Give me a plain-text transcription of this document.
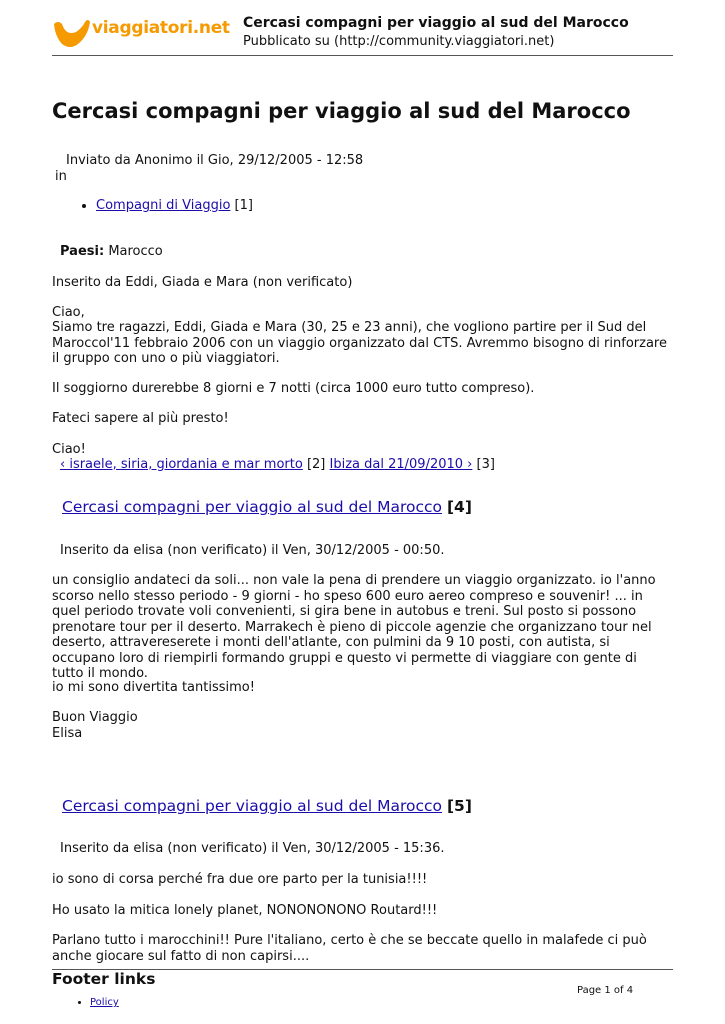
viaggiatori.net Cercasi compagni per viaggio al sud del Marocco
Pubblicato su (http://community.viaggiatori.net)
Cercasi compagni per viaggio al sud del Marocco
Inviato da Anonimo il Gio, 29/12/2005 - 12:58
in
• Compagni di Viaggio [1]
Paesi: Marocco

Inserito da Eddi, Giada e Mara (non verificato)

Ciao,

Siamo tre ragazzi, Eddi, Giada e Mara (30, 25 e 23 anni), che vogliono partire per il Sud del Maroccol'11 febbraio 2006 con un viaggio organizzato dal CTS. Avremmo bisogno di rinforzare il gruppo con uno o più viaggiatori.

Il soggiorno durerebbe 8 giorni e 7 notti (circa 1000 euro tutto compreso).

Fateci sapere al più presto!

Ciao!

‹ israele, siria, giordania e mar morto [2] Ibiza dal 21/09/2010 › [3]
Cercasi compagni per viaggio al sud del Marocco [4]
Inserito da elisa (non verificato) il Ven, 30/12/2005 - 00:50.

un consiglio andateci da soli... non vale la pena di prendere un viaggio organizzato. io l'anno scorso nello stesso periodo - 9 giorni - ho speso 600 euro aereo compreso e souvenir! ... in quel periodo trovate voli convenienti, si gira bene in autobus e treni. Sul posto si possono prenotare tour per il deserto. Marrakech è pieno di piccole agenzie che organizzano tour nel deserto, attravereserete i monti dell'atlante, con pulmini da 9 10 posti, con autista, si occupano loro di riempirli formando gruppi e questo vi permette di viaggiare con gente di tutto il mondo.

io mi sono divertita tantissimo!

Buon Viaggio

Elisa

Cercasi compagni per viaggio al sud del Marocco [5]
Inserito da elisa (non verificato) il Ven, 30/12/2005 - 15:36.

io sono di corsa perché fra due ore parto per la tunisia!!!!

Ho usato la mitica lonely planet, NONONONONO Routard!!!

Parlano tutto i marocchini!! Pure l'italiano, certo è che se beccate quello in malafede ci può anche giocare sul fatto di non capirsi....

Footer links
Page 1 of 4
• Policy
